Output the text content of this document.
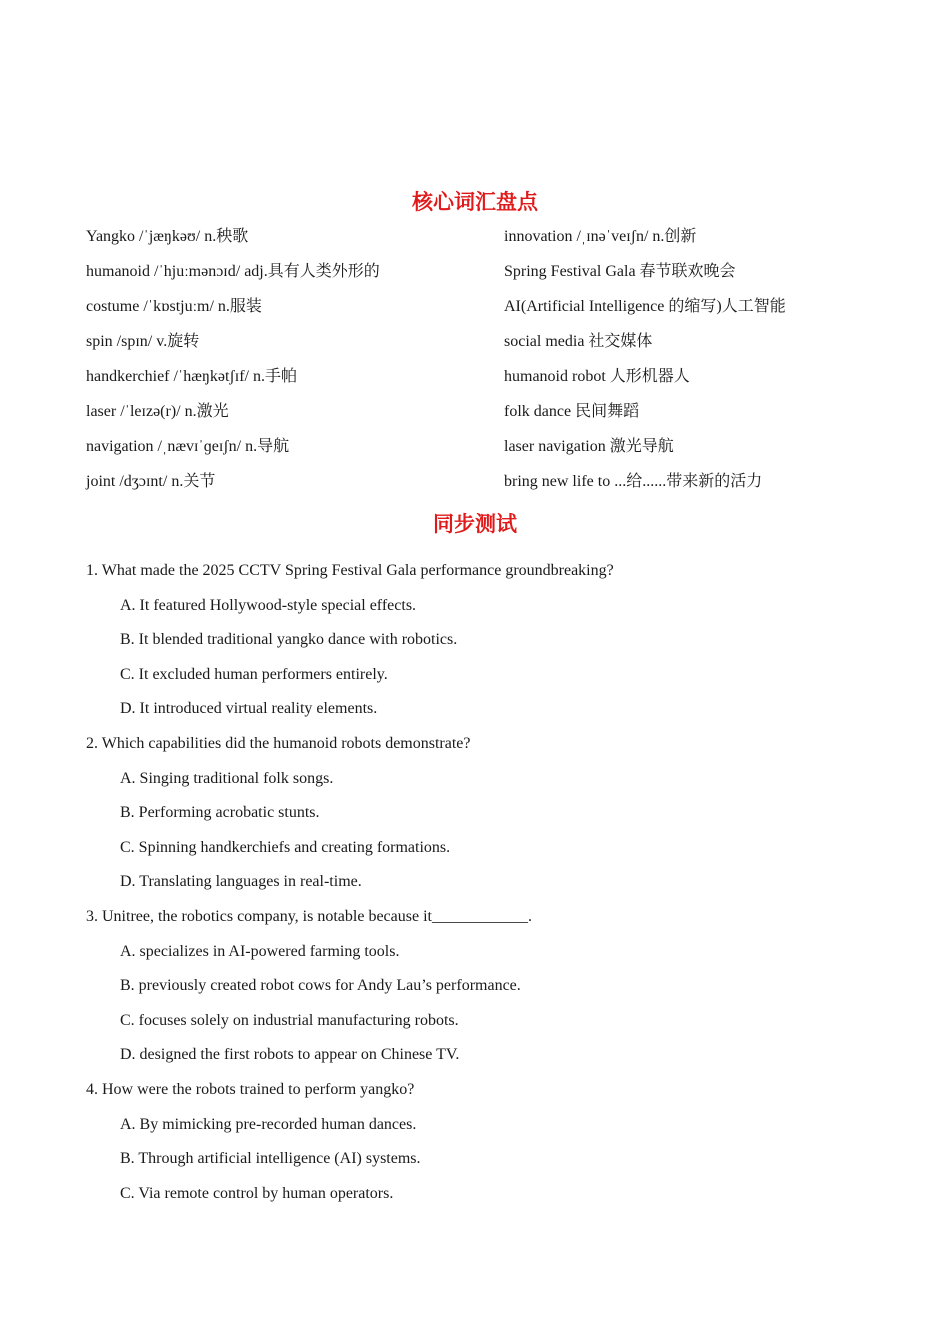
核心词汇盘点
Yangko /ˈjæŋkəʊ/ n.秧歌	innovation /ˌɪnəˈveɪʃn/ n.创新
humanoid /ˈhjuːmənɔɪd/ adj.具有人类外形的	Spring Festival Gala 春节联欢晚会
costume /ˈkɒstjuːm/ n.服装	AI(Artificial Intelligence 的缩写)人工智能
spin /spɪn/ v.旋转	social media 社交媒体
handkerchief /ˈhæŋkətʃɪf/ n.手帕	humanoid robot 人形机器人
laser /ˈleɪzə(r)/ n.激光	folk dance 民间舞蹈
navigation /ˌnævɪˈɡeɪʃn/ n.导航	laser navigation 激光导航
joint /dʒɔɪnt/ n.关节	bring new life to ...给......带来新的活力
同步测试
1. What made the 2025 CCTV Spring Festival Gala performance groundbreaking?
A. It featured Hollywood-style special effects.
B. It blended traditional yangko dance with robotics.
C. It excluded human performers entirely.
D. It introduced virtual reality elements.
2. Which capabilities did the humanoid robots demonstrate?
A. Singing traditional folk songs.
B. Performing acrobatic stunts.
C. Spinning handkerchiefs and creating formations.
D. Translating languages in real-time.
3. Unitree, the robotics company, is notable because it____________.
A. specializes in AI-powered farming tools.
B. previously created robot cows for Andy Lau’s performance.
C. focuses solely on industrial manufacturing robots.
D. designed the first robots to appear on Chinese TV.
4. How were the robots trained to perform yangko?
A. By mimicking pre-recorded human dances.
B. Through artificial intelligence (AI) systems.
C. Via remote control by human operators.
